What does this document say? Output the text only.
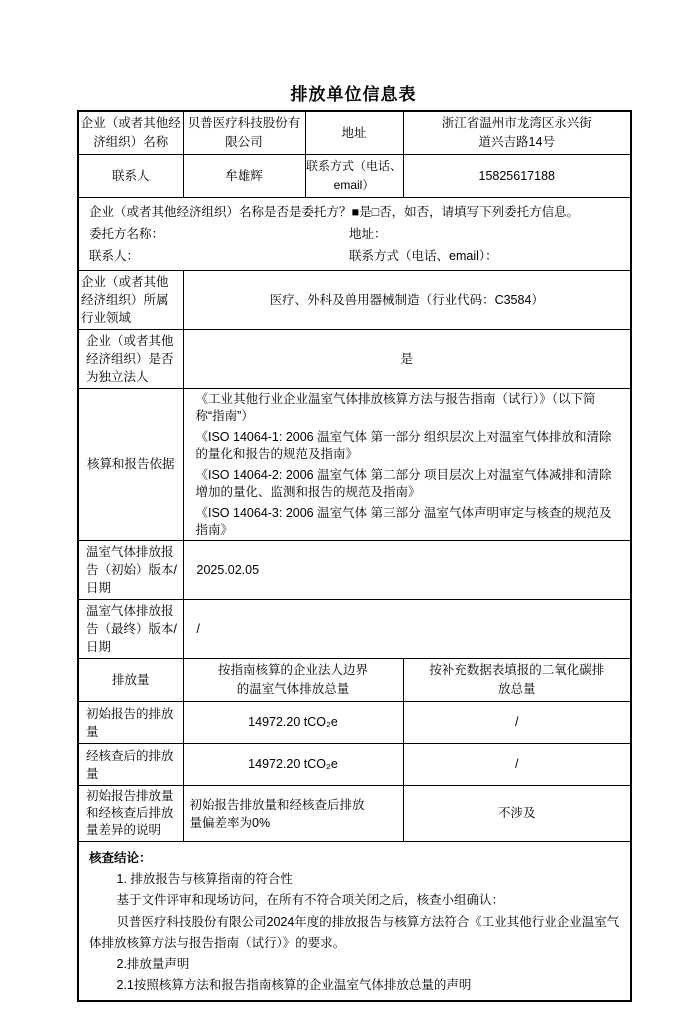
排放单位信息表
企业（或者其他经济组织）名称	贝普医疗科技股份有限公司	地址	浙江省温州市龙湾区永兴街道兴吉路14号
联系人	牟雄辉	联系方式（电话、email）	15825617188

企业（或者其他经济组织）名称是否是委托方？■是□否，如否，请填写下列委托方信息。
委托方名称： 地址：
联系人： 联系方式（电话、email）：			

企业（或者其他经济组织）所属行业领域	医疗、外科及兽用器械制造（行业代码：C3584）		
企业（或者其他经济组织）是否为独立法人	是		
核算和报告依据	《工业其他行业企业温室气体排放核算方法与报告指南（试行）》（以下简称“指南”）

《ISO 14064-1: 2006 温室气体 第一部分 组织层次上对温室气体排放和清除的量化和报告的规范及指南》

《ISO 14064-2: 2006 温室气体 第二部分 项目层次上对温室气体减排和清除增加的量化、监测和报告的规范及指南》

《ISO 14064-3: 2006 温室气体 第三部分 温室气体声明审定与核查的规范及指南》		

温室气体排放报告（初始）版本/日期	2025.02.05		
温室气体排放报告（最终）版本/日期	/		
排放量	按指南核算的企业法人边界的温室气体排放总量		按补充数据表填报的二氧化碳排放总量
初始报告的排放量	14972.20 tCO₂e		/
经核查后的排放量	14972.20 tCO₂e		/
初始报告排放量和经核查后排放量差异的说明	初始报告排放量和经核查后排放量偏差率为0%		不涉及

核查结论：

1. 排放报告与核算指南的符合性

基于文件评审和现场访问，在所有不符合项关闭之后，核查小组确认：

贝普医疗科技股份有限公司2024年度的排放报告与核算方法符合《工业其他行业企业温室气体排放核算方法与报告指南（试行）》的要求。

2.排放量声明

2.1按照核算方法和报告指南核算的企业温室气体排放总量的声明
